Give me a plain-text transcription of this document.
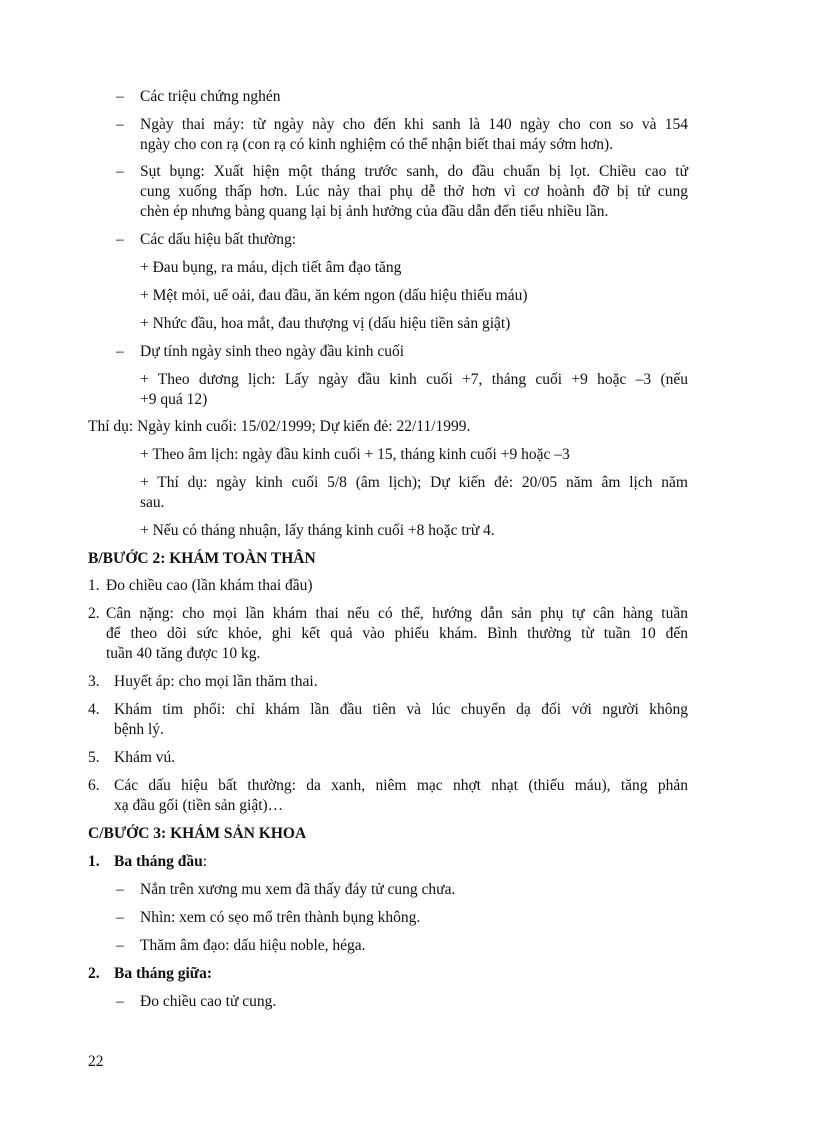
– Các triệu chứng nghén
– Ngày thai máy: từ ngày này cho đến khi sanh là 140 ngày cho con so và 154
ngày cho con rạ (con rạ có kinh nghiệm có thể nhận biết thai máy sớm hơn).
– Sụt bụng: Xuất hiện một tháng trước sanh, do đầu chuẩn bị lọt. Chiều cao tử
cung xuống thấp hơn. Lúc này thai phụ dễ thở hơn vì cơ hoành đỡ bị tử cung
chèn ép nhưng bàng quang lại bị ảnh hưởng của đầu dẫn đến tiểu nhiều lần.
– Các dấu hiệu bất thường:
+ Đau bụng, ra máu, dịch tiết âm đạo tăng
+ Mệt mỏi, uể oải, đau đầu, ăn kém ngon (dấu hiệu thiếu máu)
+ Nhức đầu, hoa mắt, đau thượng vị (dấu hiệu tiền sản giật)
– Dự tính ngày sinh theo ngày đầu kinh cuối
+ Theo dương lịch: Lấy ngày đầu kinh cuối +7, tháng cuối +9 hoặc –3 (nếu
+9 quá 12)
Thí dụ: Ngày kinh cuối: 15/02/1999; Dự kiến đẻ: 22/11/1999.
+ Theo âm lịch: ngày đầu kinh cuối + 15, tháng kinh cuối +9 hoặc –3
+ Thí dụ: ngày kinh cuối 5/8 (âm lịch); Dự kiến đẻ: 20/05 năm âm lịch năm
sau.
+ Nếu có tháng nhuận, lấy tháng kinh cuối +8 hoặc trừ 4.
B/BƯỚC 2: KHÁM TOÀN THÂN
1. Đo chiều cao (lần khám thai đầu)
2. Cân nặng: cho mọi lần khám thai nếu có thể, hướng dẫn sản phụ tự cân hàng tuần
để theo dõi sức khỏe, ghi kết quả vào phiếu khám. Bình thường từ tuần 10 đến
tuần 40 tăng được 10 kg.
3. Huyết áp: cho mọi lần thăm thai.
4. Khám tim phổi: chỉ khám lần đầu tiên và lúc chuyển dạ đối với người không
bệnh lý.
5. Khám vú.
6. Các dấu hiệu bất thường: da xanh, niêm mạc nhợt nhạt (thiếu máu), tăng phản
xạ đầu gối (tiền sản giật)…
C/BƯỚC 3: KHÁM SẢN KHOA
1. Ba tháng đầu:
– Nắn trên xương mu xem đã thấy đáy tử cung chưa.
– Nhìn: xem có sẹo mổ trên thành bụng không.
– Thăm âm đạo: dấu hiệu noble, héga.
2. Ba tháng giữa:
– Đo chiều cao tử cung.
22
